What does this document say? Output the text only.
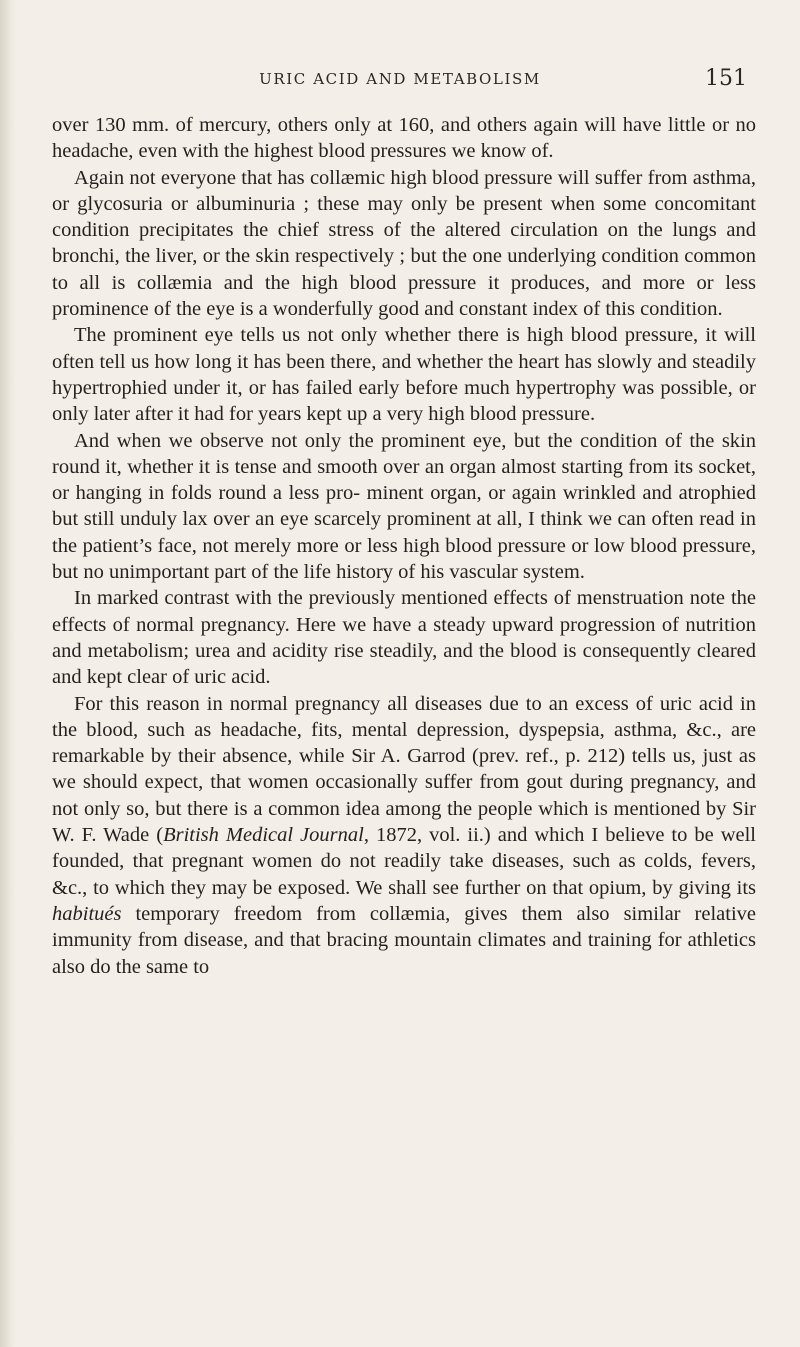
URIC ACID AND METABOLISM	151

over 130 mm. of mercury, others only at 160, and others again will have little or no headache, even with the highest blood pressures we know of.

Again not everyone that has collæmic high blood pressure will suffer from asthma, or glycosuria or albuminuria ; these may only be present when some concomitant condition precipitates the chief stress of the altered circulation on the lungs and bronchi, the liver, or the skin respectively ; but the one underlying condition common to all is collæmia and the high blood pressure it produces, and more or less prominence of the eye is a wonderfully good and constant index of this condition.

The prominent eye tells us not only whether there is high blood pressure, it will often tell us how long it has been there, and whether the heart has slowly and steadily hypertrophied under it, or has failed early before much hypertrophy was possible, or only later after it had for years kept up a very high blood pressure.

And when we observe not only the prominent eye, but the condition of the skin round it, whether it is tense and smooth over an organ almost starting from its socket, or hanging in folds round a less pro- minent organ, or again wrinkled and atrophied but still unduly lax over an eye scarcely prominent at all, I think we can often read in the patient’s face, not merely more or less high blood pressure or low blood pressure, but no unimportant part of the life history of his vascular system.

In marked contrast with the previously mentioned effects of menstruation note the effects of normal pregnancy. Here we have a steady upward progression of nutrition and metabolism; urea and acidity rise steadily, and the blood is consequently cleared and kept clear of uric acid.

For this reason in normal pregnancy all diseases due to an excess of uric acid in the blood, such as headache, fits, mental depression, dyspepsia, asthma, &c., are remarkable by their absence, while Sir A. Garrod (prev. ref., p. 212) tells us, just as we should expect, that women occasionally suffer from gout during pregnancy, and not only so, but there is a common idea among the people which is mentioned by Sir W. F. Wade (British Medical Journal, 1872, vol. ii.) and which I believe to be well founded, that pregnant women do not readily take diseases, such as colds, fevers, &c., to which they may be exposed. We shall see further on that opium, by giving its habitués temporary freedom from collæmia, gives them also similar relative immunity from disease, and that bracing mountain climates and training for athletics also do the same to
